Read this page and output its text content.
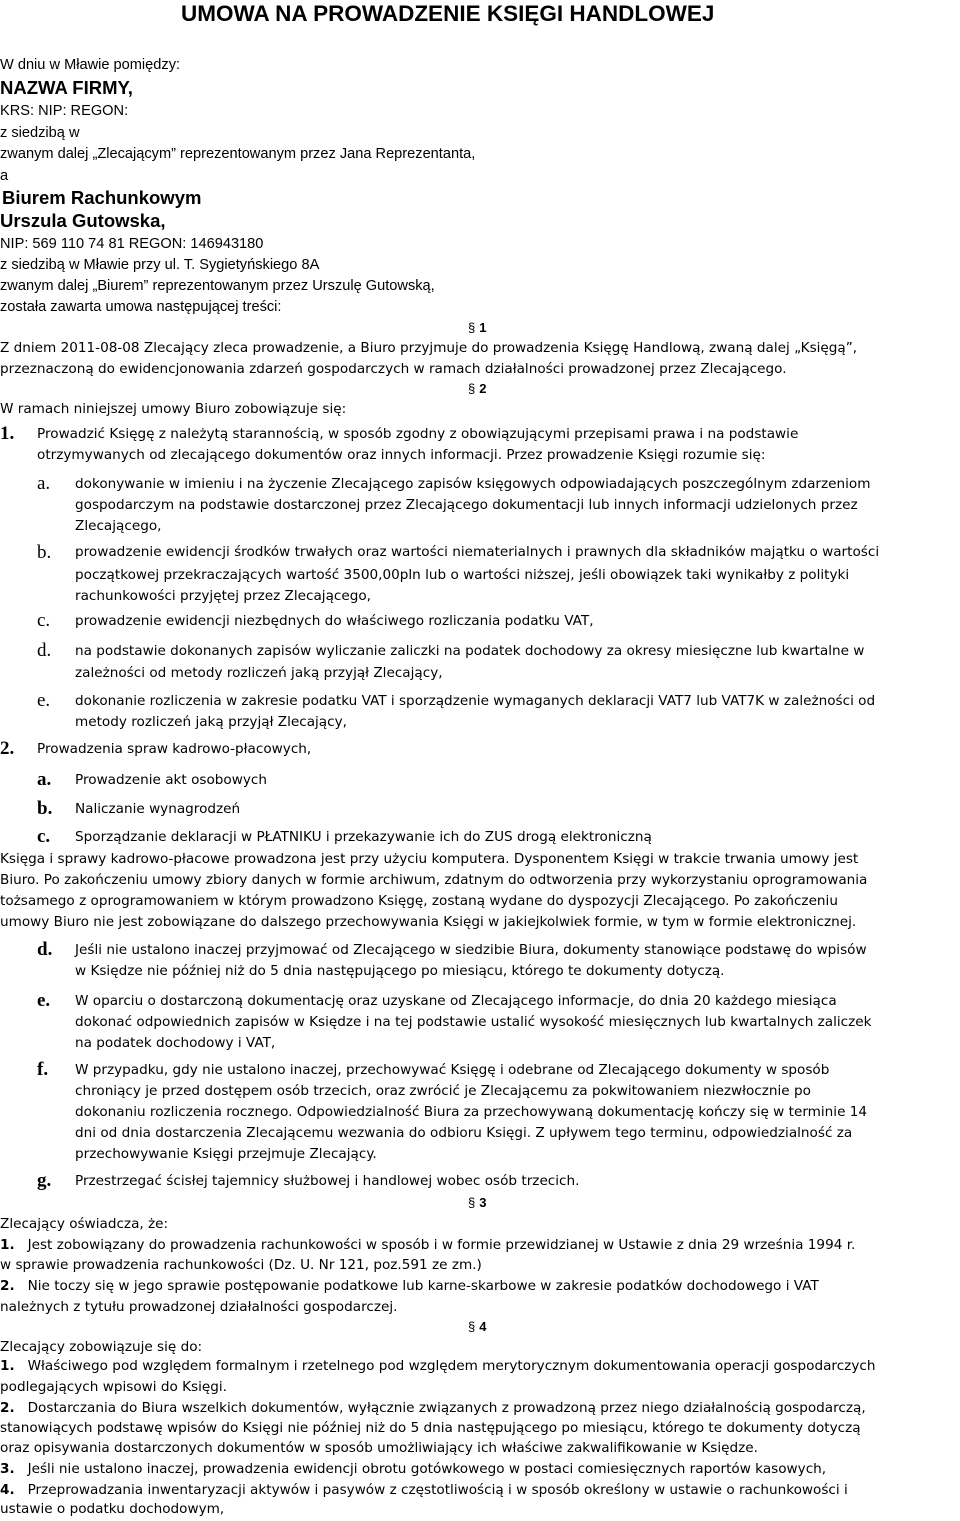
UMOWA NA PROWADZENIE KSIĘGI HANDLOWEJ
W dniu w Mławie pomiędzy:
NAZWA FIRMY,
KRS: NIP: REGON:
z siedzibą w
zwanym dalej „Zlecającym” reprezentowanym przez Jana Reprezentanta,
a
Biurem Rachunkowym
Urszula Gutowska,
NIP: 569 110 74 81 REGON: 146943180
z siedzibą w Mławie przy ul. T. Sygietyńskiego 8A
zwanym dalej „Biurem” reprezentowanym przez Urszulę Gutowską,
została zawarta umowa następującej treści:
§ 1
Z dniem 2011-08-08 Zlecający zleca prowadzenie, a Biuro przyjmuje do prowadzenia Księgę Handlową, zwaną dalej „Księgą”,
przeznaczoną do ewidencjonowania zdarzeń gospodarczych w ramach działalności prowadzonej przez Zlecającego.
§ 2
W ramach niniejszej umowy Biuro zobowiązuje się:
1. Prowadzić Księgę z należytą starannością, w sposób zgodny z obowiązującymi przepisami prawa i na podstawie
otrzymywanych od zlecającego dokumentów oraz innych informacji. Przez prowadzenie Księgi rozumie się:
a. dokonywanie w imieniu i na życzenie Zlecającego zapisów księgowych odpowiadających poszczególnym zdarzeniom
gospodarczym na podstawie dostarczonej przez Zlecającego dokumentacji lub innych informacji udzielonych przez
Zlecającego,
b. prowadzenie ewidencji środków trwałych oraz wartości niematerialnych i prawnych dla składników majątku o wartości
początkowej przekraczających wartość 3500,00pln lub o wartości niższej, jeśli obowiązek taki wynikałby z polityki
rachunkowości przyjętej przez Zlecającego,
c. prowadzenie ewidencji niezbędnych do właściwego rozliczania podatku VAT,
d. na podstawie dokonanych zapisów wyliczanie zaliczki na podatek dochodowy za okresy miesięczne lub kwartalne w
zależności od metody rozliczeń jaką przyjął Zlecający,
e. dokonanie rozliczenia w zakresie podatku VAT i sporządzenie wymaganych deklaracji VAT7 lub VAT7K w zależności od
metody rozliczeń jaką przyjął Zlecający,
2. Prowadzenia spraw kadrowo-płacowych,
a. Prowadzenie akt osobowych
b. Naliczanie wynagrodzeń
c. Sporządzanie deklaracji w PŁATNIKU i przekazywanie ich do ZUS drogą elektroniczną
Księga i sprawy kadrowo-płacowe prowadzona jest przy użyciu komputera. Dysponentem Księgi w trakcie trwania umowy jest
Biuro. Po zakończeniu umowy zbiory danych w formie archiwum, zdatnym do odtworzenia przy wykorzystaniu oprogramowania
tożsamego z oprogramowaniem w którym prowadzono Księgę, zostaną wydane do dyspozycji Zlecającego. Po zakończeniu
umowy Biuro nie jest zobowiązane do dalszego przechowywania Księgi w jakiejkolwiek formie, w tym w formie elektronicznej.
d. Jeśli nie ustalono inaczej przyjmować od Zlecającego w siedzibie Biura, dokumenty stanowiące podstawę do wpisów
w Księdze nie później niż do 5 dnia następującego po miesiącu, którego te dokumenty dotyczą.
e. W oparciu o dostarczoną dokumentację oraz uzyskane od Zlecającego informacje, do dnia 20 każdego miesiąca
dokonać odpowiednich zapisów w Księdze i na tej podstawie ustalić wysokość miesięcznych lub kwartalnych zaliczek
na podatek dochodowy i VAT,
f. W przypadku, gdy nie ustalono inaczej, przechowywać Księgę i odebrane od Zlecającego dokumenty w sposób
chroniący je przed dostępem osób trzecich, oraz zwrócić je Zlecającemu za pokwitowaniem niezwłocznie po
dokonaniu rozliczenia rocznego. Odpowiedzialność Biura za przechowywaną dokumentację kończy się w terminie 14
dni od dnia dostarczenia Zlecającemu wezwania do odbioru Księgi. Z upływem tego terminu, odpowiedzialność za
przechowywanie Księgi przejmuje Zlecający.
g. Przestrzegać ścisłej tajemnicy służbowej i handlowej wobec osób trzecich.
§ 3
Zlecający oświadcza, że:
1. Jest zobowiązany do prowadzenia rachunkowości w sposób i w formie przewidzianej w Ustawie z dnia 29 września 1994 r.
w sprawie prowadzenia rachunkowości (Dz. U. Nr 121, poz.591 ze zm.)
2. Nie toczy się w jego sprawie postępowanie podatkowe lub karne-skarbowe w zakresie podatków dochodowego i VAT
należnych z tytułu prowadzonej działalności gospodarczej.
§ 4
Zlecający zobowiązuje się do:
1. Właściwego pod względem formalnym i rzetelnego pod względem merytorycznym dokumentowania operacji gospodarczych
podlegających wpisowi do Księgi.
2. Dostarczania do Biura wszelkich dokumentów, wyłącznie związanych z prowadzoną przez niego działalnością gospodarczą,
stanowiących podstawę wpisów do Księgi nie później niż do 5 dnia następującego po miesiącu, którego te dokumenty dotyczą
oraz opisywania dostarczonych dokumentów w sposób umożliwiający ich właściwe zakwalifikowanie w Księdze.
3. Jeśli nie ustalono inaczej, prowadzenia ewidencji obrotu gotówkowego w postaci comiesięcznych raportów kasowych,
4. Przeprowadzania inwentaryzacji aktywów i pasywów z częstotliwością i w sposób określony w ustawie o rachunkowości i
ustawie o podatku dochodowym,
